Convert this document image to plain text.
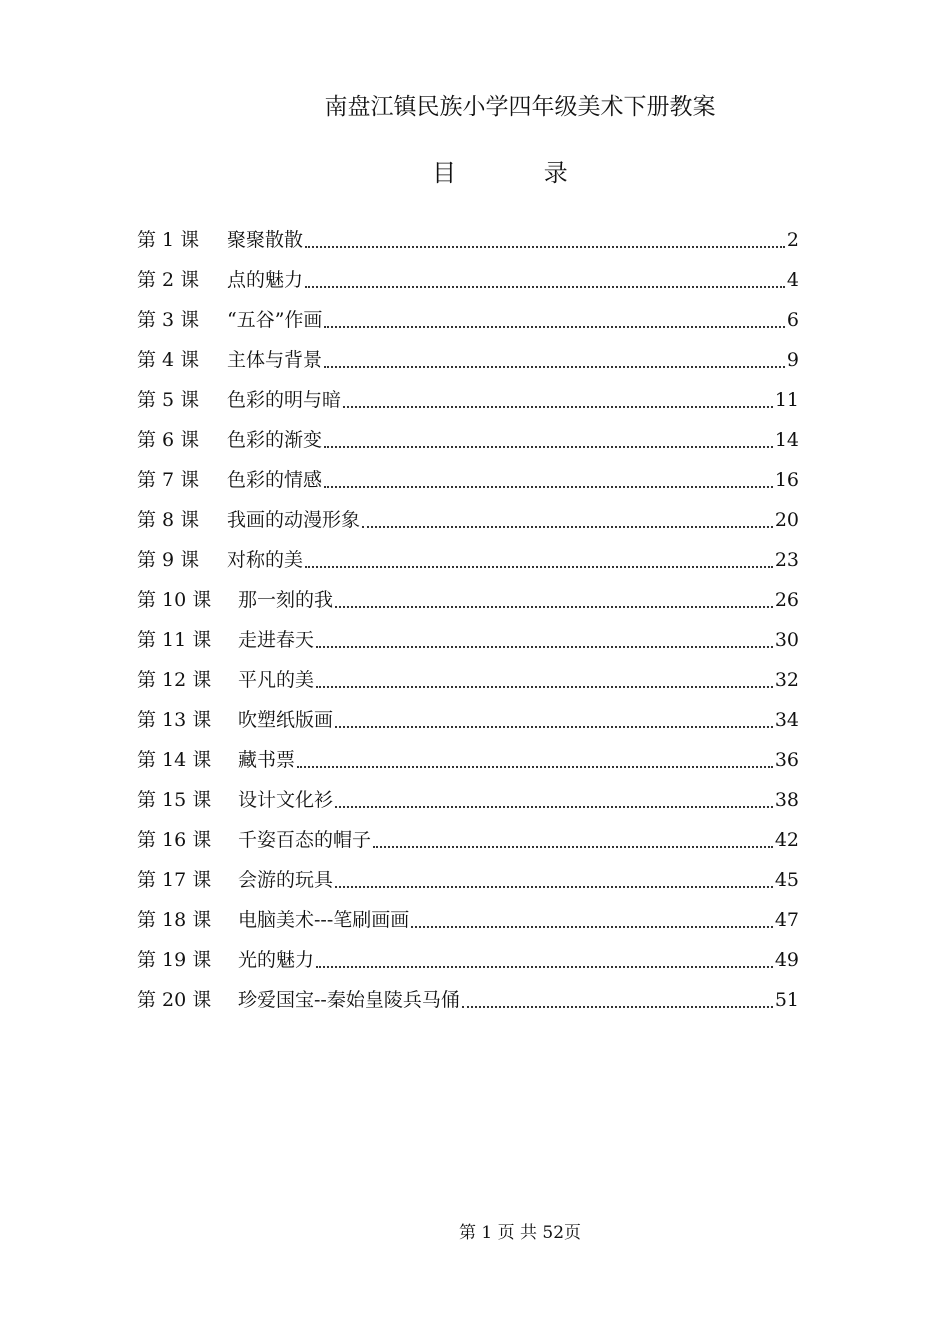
南盘江镇民族小学四年级美术下册教案
目 录
第 1 课	聚聚散散	2
第 2 课	点的魅力	4
第 3 课	“五谷”作画	6
第 4 课	主体与背景	9
第 5 课	色彩的明与暗	11
第 6 课	色彩的渐变	14
第 7 课	色彩的情感	16
第 8 课	我画的动漫形象	20
第 9 课	对称的美	23
第 10 课	那一刻的我	26
第 11 课	走进春天	30
第 12 课	平凡的美	32
第 13 课	吹塑纸版画	34
第 14 课	藏书票	36
第 15 课	设计文化衫	38
第 16 课	千姿百态的帽子	42
第 17 课	会游的玩具	45
第 18 课	电脑美术---笔刷画画	47
第 19 课	光的魅力	49
第 20 课	珍爱国宝--秦始皇陵兵马俑	51
第 1 页 共 52页
